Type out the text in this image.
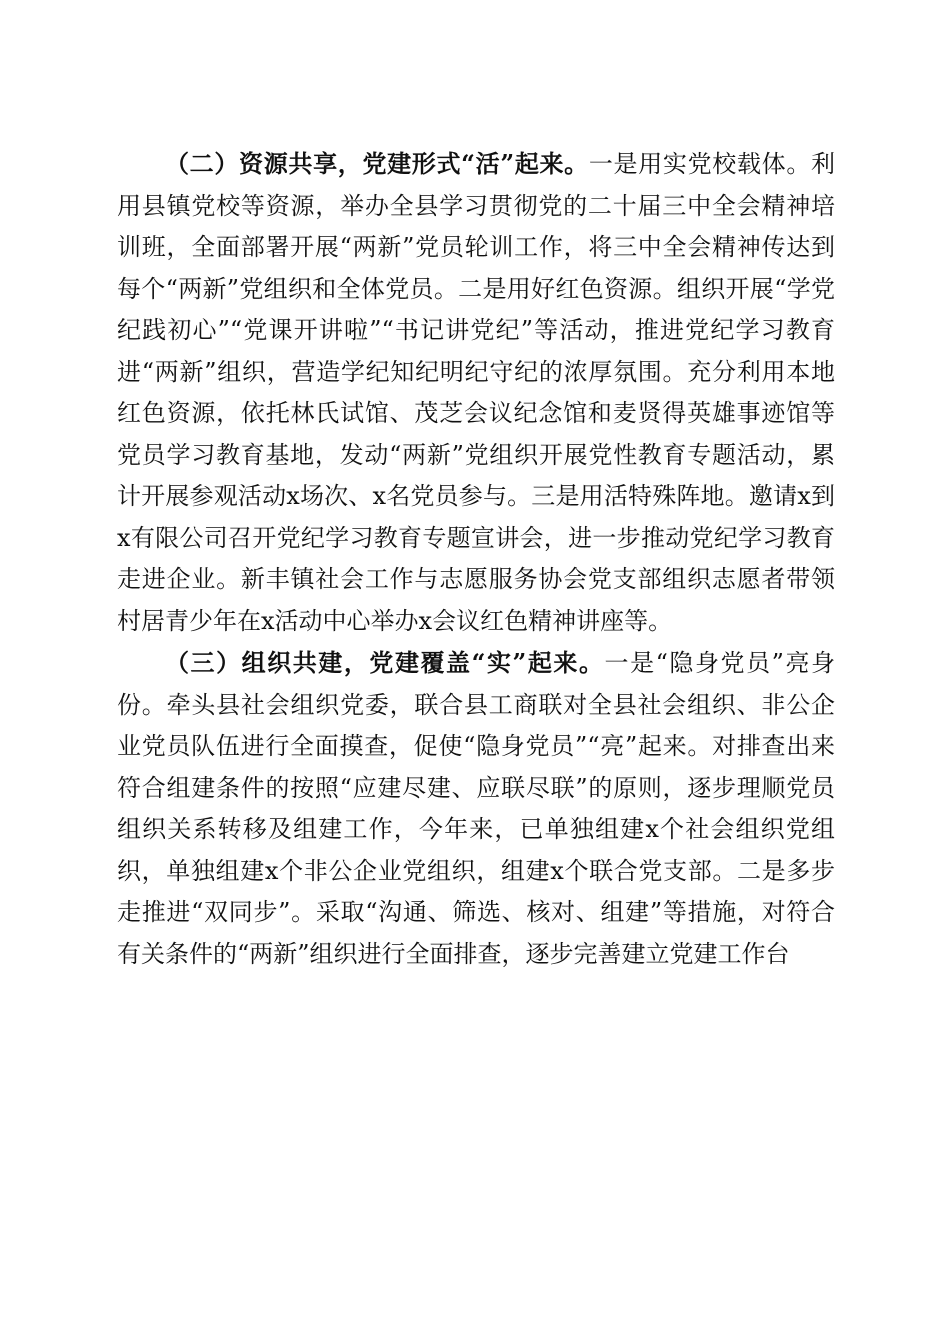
（二）资源共享，党建形式“活”起来。一是用实党校载体。利用县镇党校等资源，举办全县学习贯彻党的二十届三中全会精神培训班，全面部署开展“两新”党员轮训工作，将三中全会精神传达到每个“两新”党组织和全体党员。二是用好红色资源。组织开展“学党纪践初心”“党课开讲啦”“书记讲党纪”等活动，推进党纪学习教育进“两新”组织，营造学纪知纪明纪守纪的浓厚氛围。充分利用本地红色资源，依托林氏试馆、茂芝会议纪念馆和麦贤得英雄事迹馆等党员学习教育基地，发动“两新”党组织开展党性教育专题活动，累计开展参观活动x场次、x名党员参与。三是用活特殊阵地。邀请x到x有限公司召开党纪学习教育专题宣讲会，进一步推动党纪学习教育走进企业。新丰镇社会工作与志愿服务协会党支部组织志愿者带领村居青少年在x活动中心举办x会议红色精神讲座等。

（三）组织共建，党建覆盖“实”起来。一是“隐身党员”亮身份。牵头县社会组织党委，联合县工商联对全县社会组织、非公企业党员队伍进行全面摸查，促使“隐身党员”“亮”起来。对排查出来符合组建条件的按照“应建尽建、应联尽联”的原则，逐步理顺党员组织关系转移及组建工作，今年来，已单独组建x个社会组织党组织，单独组建x个非公企业党组织，组建x个联合党支部。二是多步走推进“双同步”。采取“沟通、筛选、核对、组建”等措施，对符合有关条件的“两新”组织进行全面排查，逐步完善建立党建工作台
